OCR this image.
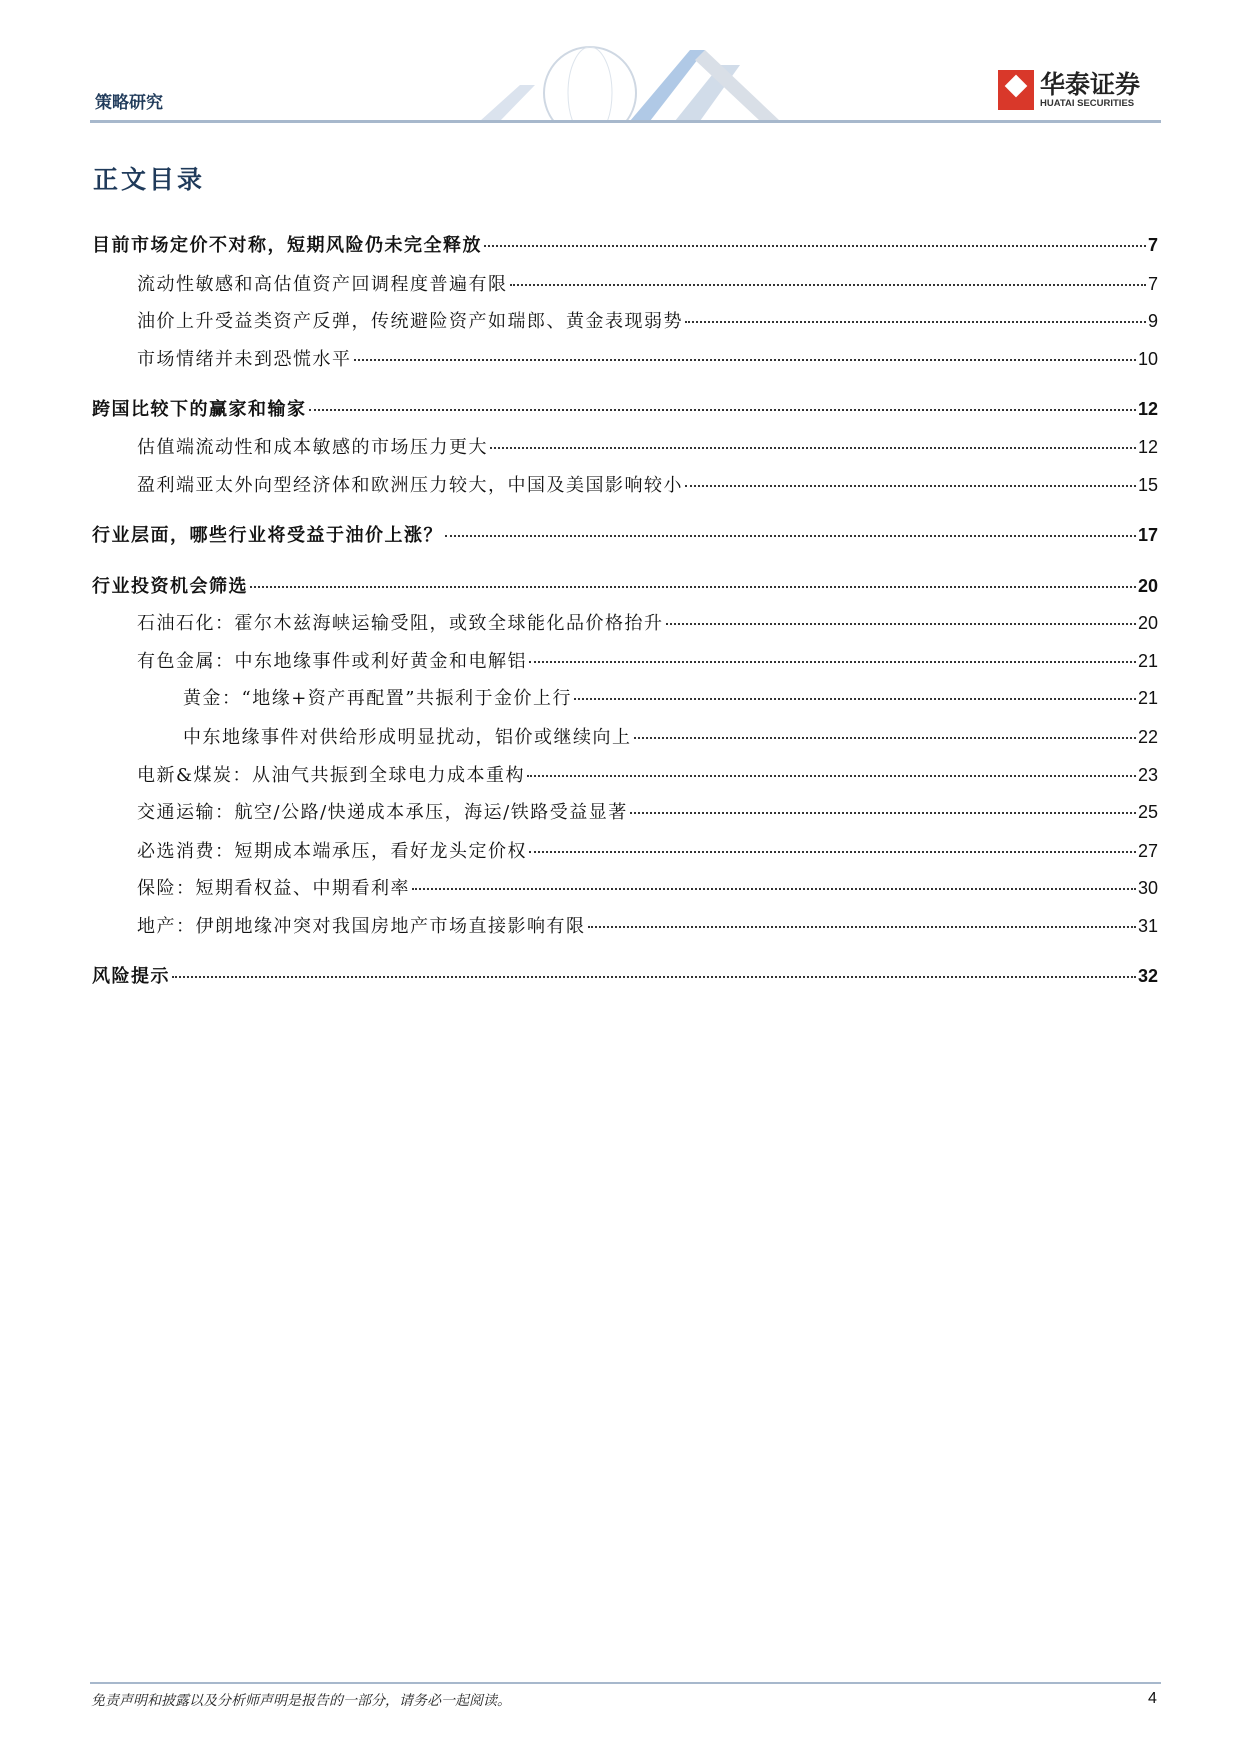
策略研究
华泰证券
HUATAI SECURITIES
正文目录
目前市场定价不对称，短期风险仍未完全释放	7
流动性敏感和高估值资产回调程度普遍有限	7
油价上升受益类资产反弹，传统避险资产如瑞郎、黄金表现弱势	9
市场情绪并未到恐慌水平	10
跨国比较下的赢家和输家	12
估值端流动性和成本敏感的市场压力更大	12
盈利端亚太外向型经济体和欧洲压力较大，中国及美国影响较小	15
行业层面，哪些行业将受益于油价上涨？	17
行业投资机会筛选	20
石油石化：霍尔木兹海峡运输受阻，或致全球能化品价格抬升	20
有色金属：中东地缘事件或利好黄金和电解铝	21
黄金：“地缘+资产再配置”共振利于金价上行	21
中东地缘事件对供给形成明显扰动，铝价或继续向上	22
电新&煤炭：从油气共振到全球电力成本重构	23
交通运输：航空/公路/快递成本承压，海运/铁路受益显著	25
必选消费：短期成本端承压，看好龙头定价权	27
保险：短期看权益、中期看利率	30
地产：伊朗地缘冲突对我国房地产市场直接影响有限	31
风险提示	32
免责声明和披露以及分析师声明是报告的一部分，请务必一起阅读。	4
